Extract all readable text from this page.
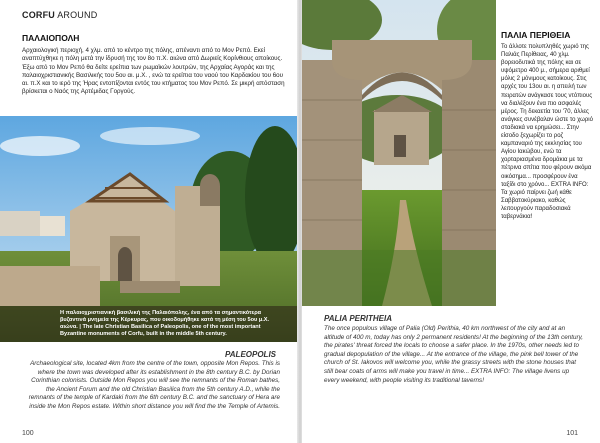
CORFU AROUND
ΠΑΛΑΙΟΠΟΛΗ
Αρχαιολογική περιοχή, 4 χλμ. από το κέντρο της πόλης, απέναντι από το Μον Ρεπό. Εκεί αναπτύχθηκε η πόλη μετά την ίδρυσή της τον 8ο π.Χ. αιώνα από Δωριείς Κορίνθιους αποίκους. Έξω από το Μον Ρεπό θα δείτε ερείπια των ρωμαϊκών λουτρών, της Αρχαίας Αγοράς και της παλαιοχριστιανικής Βασιλικής του 5ου αι. μ.Χ. , ενώ τα ερείπια του ναού του Καρδακίου του 6ου αι. π.Χ και το ιερό της Ήρας εντοπίζονται εντός του κτήματος του Μον Ρεπό. Σε μικρή απόσταση βρίσκεται ο Ναός της Αρτέμιδας Γοργούς.
Η παλαιοχριστιανική βασιλική της Παλαιόπολης, ένα από τα σημαντικότερα βυζαντινά μνημεία της Κέρκυρας, που οικοδομήθηκε κατά τη μέση του 5ου μ.Χ. αιώνα. | The late Christian Basilica of Paleopolis, one of the most important Byzantine monuments of Corfu, built in the middle 5th century.
PALEOPOLIS
Archaeological site, located 4km from the centre of the town, opposite Mon Repos. This is where the town was developed after its establishment in the 8th century B.C. by Dorian Corinthian colonists. Outside Mon Repos you will see the remnants of the Roman bathes, the Ancient Forum and the old Christian Basilica from the 5th century A.D., while the remnants of the temple of Kardaki from the 6th century B.C. and the sanctuary of Hera are inside the Mon Repos estate. Within short distance you will find the the Temple of Artemis.
100
ΠΑΛΙΑ ΠΕΡΙΘΕΙΑ
Το άλλοτε πολυπληθές χωριό της Παλιάς Περίθειας, 40 χλμ. βορειοδυτικά της πόλης και σε υψόμετρο 400 μ., σήμερα αριθμεί μόλις 2 μόνιμους κατοίκους. Στις αρχές του 13ου αι. η απειλή των πειρατών ανάγκασε τους ντόπιους να διαλέξουν ένα πιο ασφαλές μέρος. Τη δεκαετία του '70, άλλες ανάγκες συνέβαλαν ώστε το χωριό σταδιακά να ερημώσει... Στην είσοδο ξεχωρίζει το ροζ καμπαναριό της εκκλησίας του Αγίου Ιακώβου, ενώ τα χορταριασμένα δρομάκια με τα πέτρινα σπίτια που φέρουν ακόμα οικόσημα... προσφέρουν ένα ταξίδι στο χρόνο... EXTRA INFO: Τα χωριό παίρνει ζωή κάθε Σαββατοκύριακο, καθώς λειτουργούν παραδοσιακά ταβερνάκια!
PALIA PERITHEIA
The once populous village of Palia (Old) Perithia, 40 km northwest of the city and at an altitude of 400 m, today has only 2 permanent residents! At the beginning of the 13th century, the pirates' threat forced the locals to choose a safer place. In the 1970s, other needs led to gradual depopulation of the village... At the entrance of the village, the pink bell tower of the church of St. Iakovos will welcome you, while the grassy streets with the stone houses that still bear coats of arms will make you travel in time... EXTRA INFO: The village livens up every weekend, with people visiting its traditional taverns!
101
